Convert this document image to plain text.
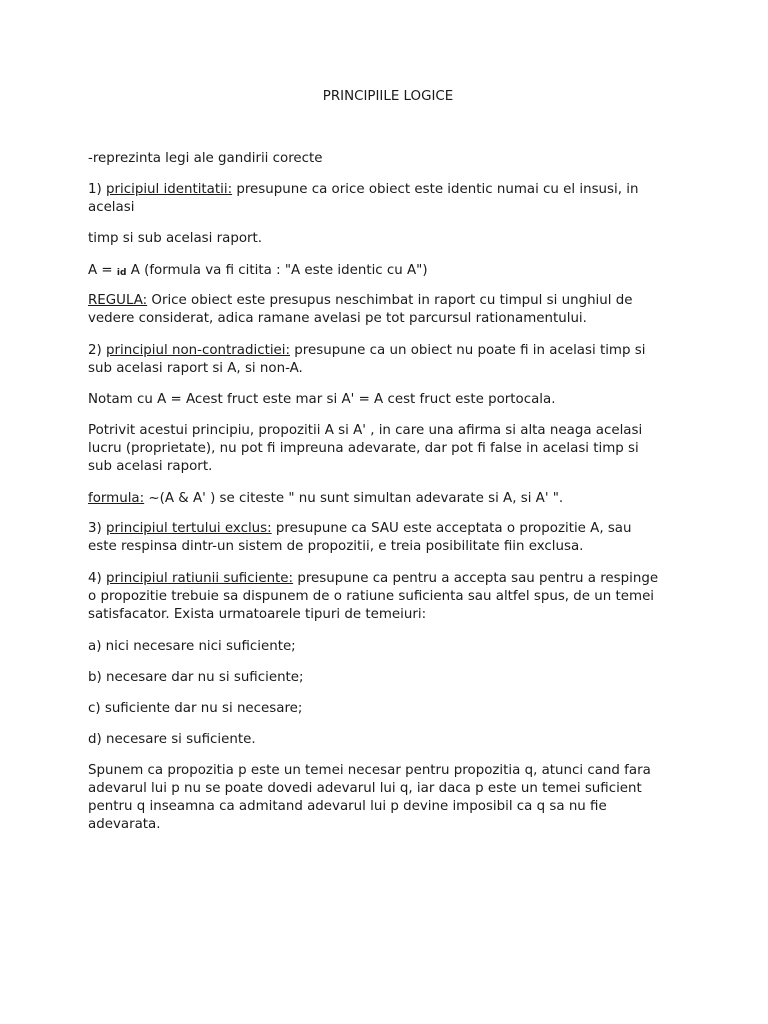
PRINCIPIILE LOGICE

-reprezinta legi ale gandirii corecte

1) pricipiul identitatii: presupune ca orice obiect este identic numai cu el insusi, in
acelasi

timp si sub acelasi raport.

A = id A (formula va fi citita : "A este identic cu A")

REGULA: Orice obiect este presupus neschimbat in raport cu timpul si unghiul de
vedere considerat, adica ramane avelasi pe tot parcursul rationamentului.

2) principiul non-contradictiei: presupune ca un obiect nu poate fi in acelasi timp si
sub acelasi raport si A, si non-A.

Notam cu A = Acest fruct este mar si A' = A cest fruct este portocala.

Potrivit acestui principiu, propozitii A si A' , in care una afirma si alta neaga acelasi
lucru (proprietate), nu pot fi impreuna adevarate, dar pot fi false in acelasi timp si
sub acelasi raport.

formula: ~(A & A' ) se citeste " nu sunt simultan adevarate si A, si A' ".

3) principiul tertului exclus: presupune ca SAU este acceptata o propozitie A, sau
este respinsa dintr-un sistem de propozitii, e treia posibilitate fiin exclusa.

4) principiul ratiunii suficiente: presupune ca pentru a accepta sau pentru a respinge
o propozitie trebuie sa dispunem de o ratiune suficienta sau altfel spus, de un temei
satisfacator. Exista urmatoarele tipuri de temeiuri:

a) nici necesare nici suficiente;

b) necesare dar nu si suficiente;

c) suficiente dar nu si necesare;

d) necesare si suficiente.

Spunem ca propozitia p este un temei necesar pentru propozitia q, atunci cand fara
adevarul lui p nu se poate dovedi adevarul lui q, iar daca p este un temei suficient
pentru q inseamna ca admitand adevarul lui p devine imposibil ca q sa nu fie
adevarata.
